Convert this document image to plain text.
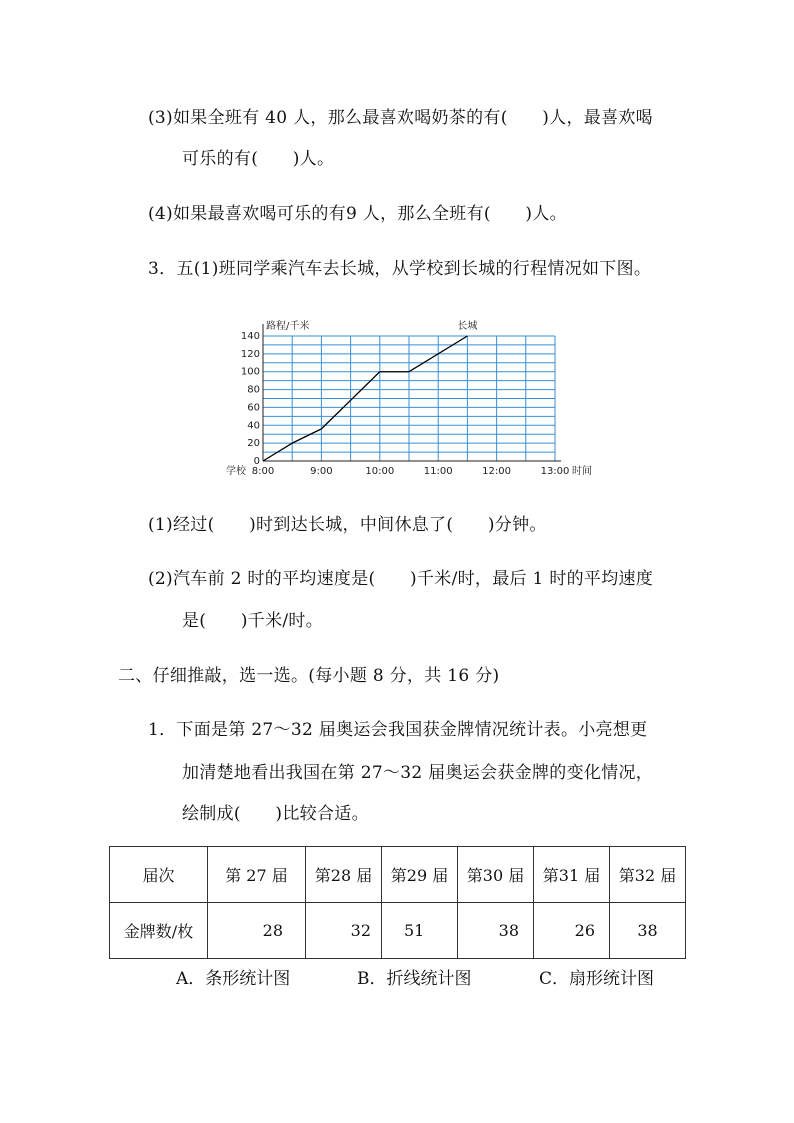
(3)如果全班有 40 人，那么最喜欢喝奶茶的有(　　)人，最喜欢喝
可乐的有(　　)人。
(4)如果最喜欢喝可乐的有9 人，那么全班有(　　)人。
3．五(1)班同学乘汽车去长城，从学校到长城的行程情况如下图。
0
20
40
60
80
100
120
140
8:00	9:00	10:00	11:00	12:00	13:00
学校	时间
路程/千米	长城
(1)经过(　　)时到达长城，中间休息了(　　)分钟。
(2)汽车前 2 时的平均速度是(　　)千米/时，最后 1 时的平均速度
是(　　)千米/时。
二、仔细推敲，选一选。(每小题 8 分，共 16 分)
1．下面是第 27～32 届奥运会我国获金牌情况统计表。小亮想更
加清楚地看出我国在第 27～32 届奥运会获金牌的变化情况，
绘制成(　　)比较合适。
届次	第 27 届	第28 届	第29 届	第30 届	第31 届	第32 届
金牌数/枚	28	32	51	38	26	38
A．条形统计图	B．折线统计图	C．扇形统计图
